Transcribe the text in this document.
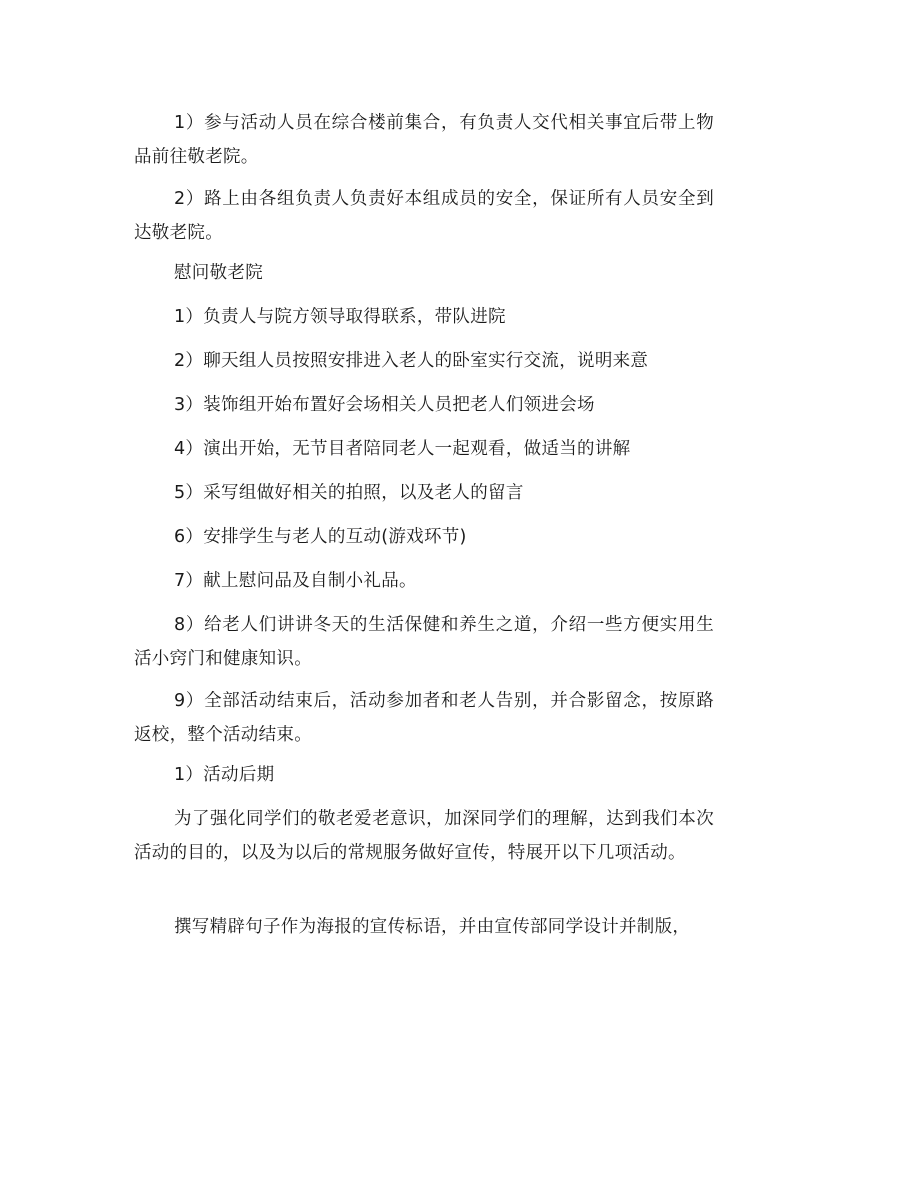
1）参与活动人员在综合楼前集合，有负责人交代相关事宜后带上物品前往敬老院。

2）路上由各组负责人负责好本组成员的安全，保证所有人员安全到达敬老院。

慰问敬老院

1）负责人与院方领导取得联系，带队进院

2）聊天组人员按照安排进入老人的卧室实行交流，说明来意

3）装饰组开始布置好会场相关人员把老人们领进会场

4）演出开始，无节目者陪同老人一起观看，做适当的讲解

5）采写组做好相关的拍照，以及老人的留言

6）安排学生与老人的互动(游戏环节)

7）献上慰问品及自制小礼品。

8）给老人们讲讲冬天的生活保健和养生之道，介绍一些方便实用生活小窍门和健康知识。

9）全部活动结束后，活动参加者和老人告别，并合影留念，按原路返校，整个活动结束。

1）活动后期

为了强化同学们的敬老爱老意识，加深同学们的理解，达到我们本次活动的目的，以及为以后的常规服务做好宣传，特展开以下几项活动。

撰写精辟句子作为海报的宣传标语，并由宣传部同学设计并制版，
